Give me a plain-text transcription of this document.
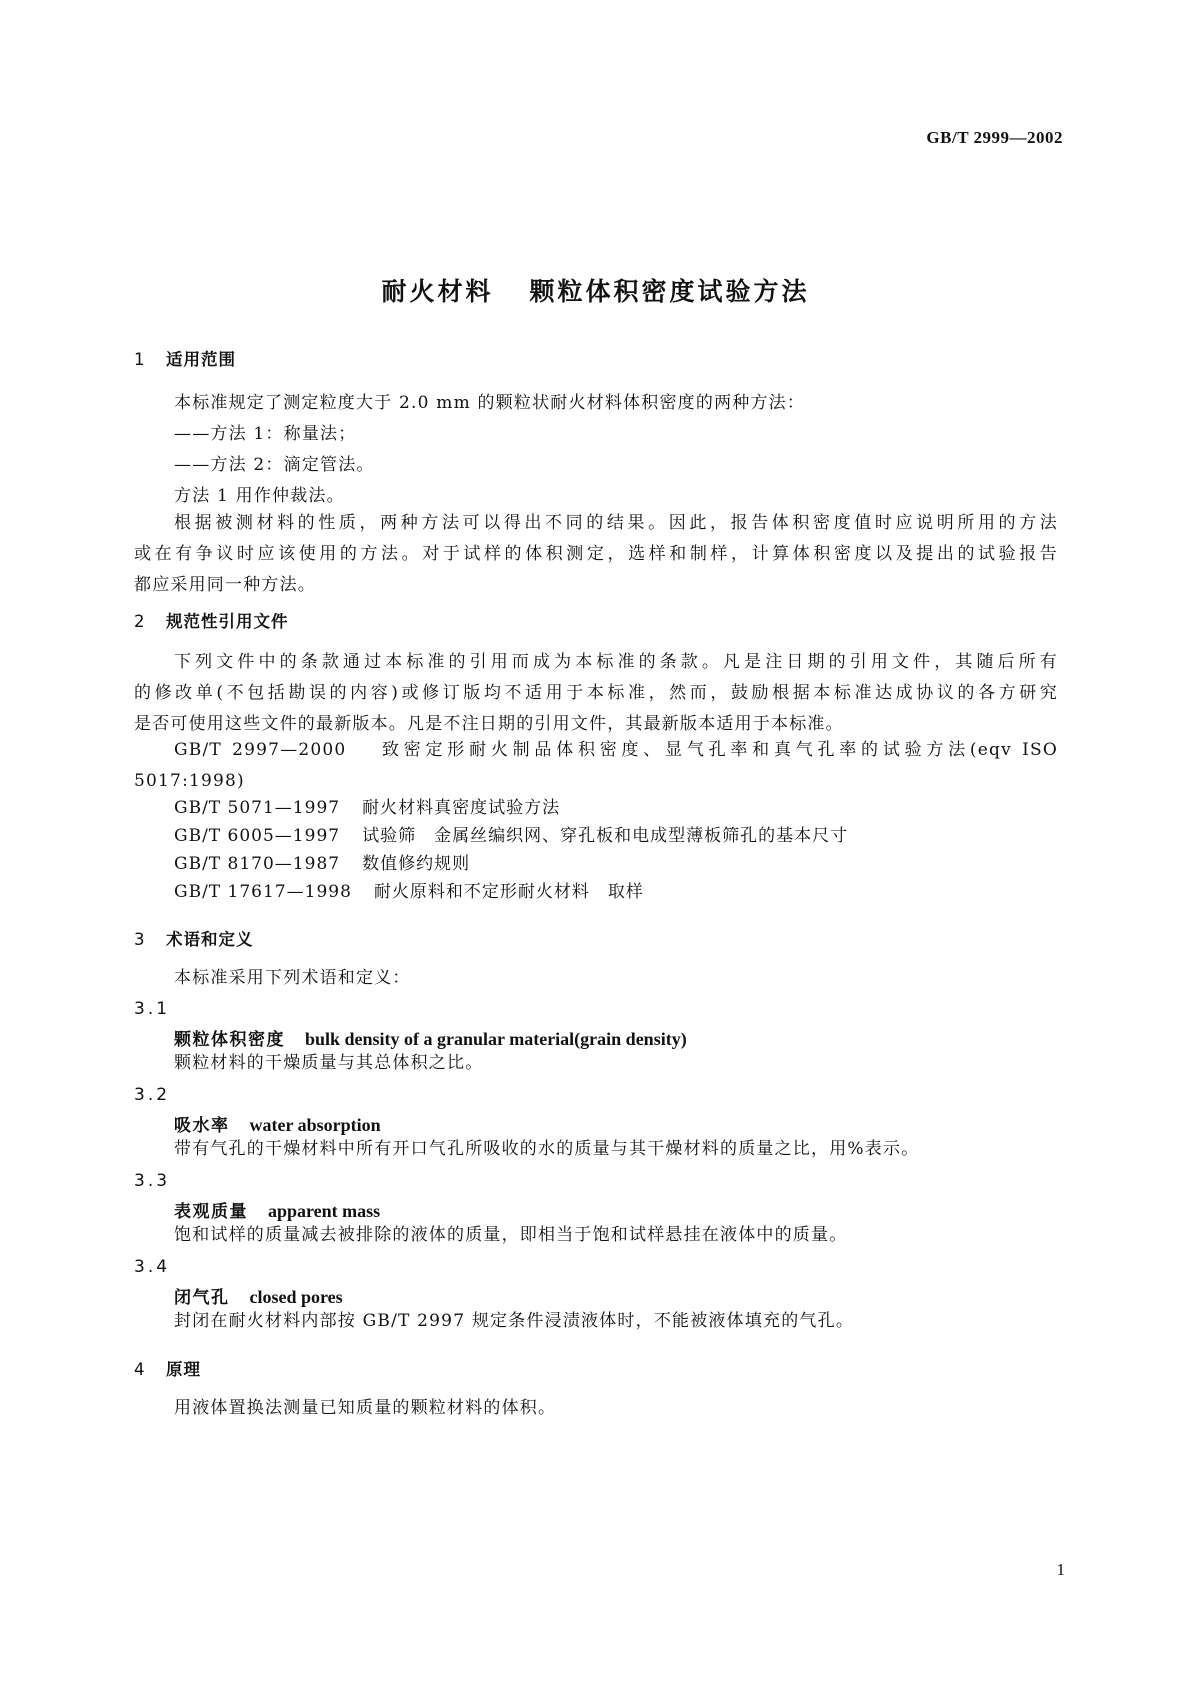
GB/T 2999—2002
耐火材料 颗粒体积密度试验方法
1 适用范围
本标准规定了测定粒度大于 2.0 mm 的颗粒状耐火材料体积密度的两种方法：
——方法 1：称量法；
——方法 2：滴定管法。
方法 1 用作仲裁法。
根据被测材料的性质，两种方法可以得出不同的结果。因此，报告体积密度值时应说明所用的方法
或在有争议时应该使用的方法。对于试样的体积测定，选样和制样，计算体积密度以及提出的试验报告
都应采用同一种方法。
2 规范性引用文件
下列文件中的条款通过本标准的引用而成为本标准的条款。凡是注日期的引用文件，其随后所有
的修改单(不包括勘误的内容)或修订版均不适用于本标准，然而，鼓励根据本标准达成协议的各方研究
是否可使用这些文件的最新版本。凡是不注日期的引用文件，其最新版本适用于本标准。
GB/T 2997—2000　 致密定形耐火制品体积密度、显气孔率和真气孔率的试验方法(eqv ISO
5017:1998)
GB/T 5071—1997 耐火材料真密度试验方法
GB/T 6005—1997 试验筛　金属丝编织网、穿孔板和电成型薄板筛孔的基本尺寸
GB/T 8170—1987 数值修约规则
GB/T 17617—1998 耐火原料和不定形耐火材料　取样
3 术语和定义
本标准采用下列术语和定义：
3.1
颗粒体积密度 bulk density of a granular material(grain density)
颗粒材料的干燥质量与其总体积之比。
3.2
吸水率 water absorption
带有气孔的干燥材料中所有开口气孔所吸收的水的质量与其干燥材料的质量之比，用%表示。
3.3
表观质量 apparent mass
饱和试样的质量减去被排除的液体的质量，即相当于饱和试样悬挂在液体中的质量。
3.4
闭气孔 closed pores
封闭在耐火材料内部按 GB/T 2997 规定条件浸渍液体时，不能被液体填充的气孔。
4 原理
用液体置换法测量已知质量的颗粒材料的体积。
1
